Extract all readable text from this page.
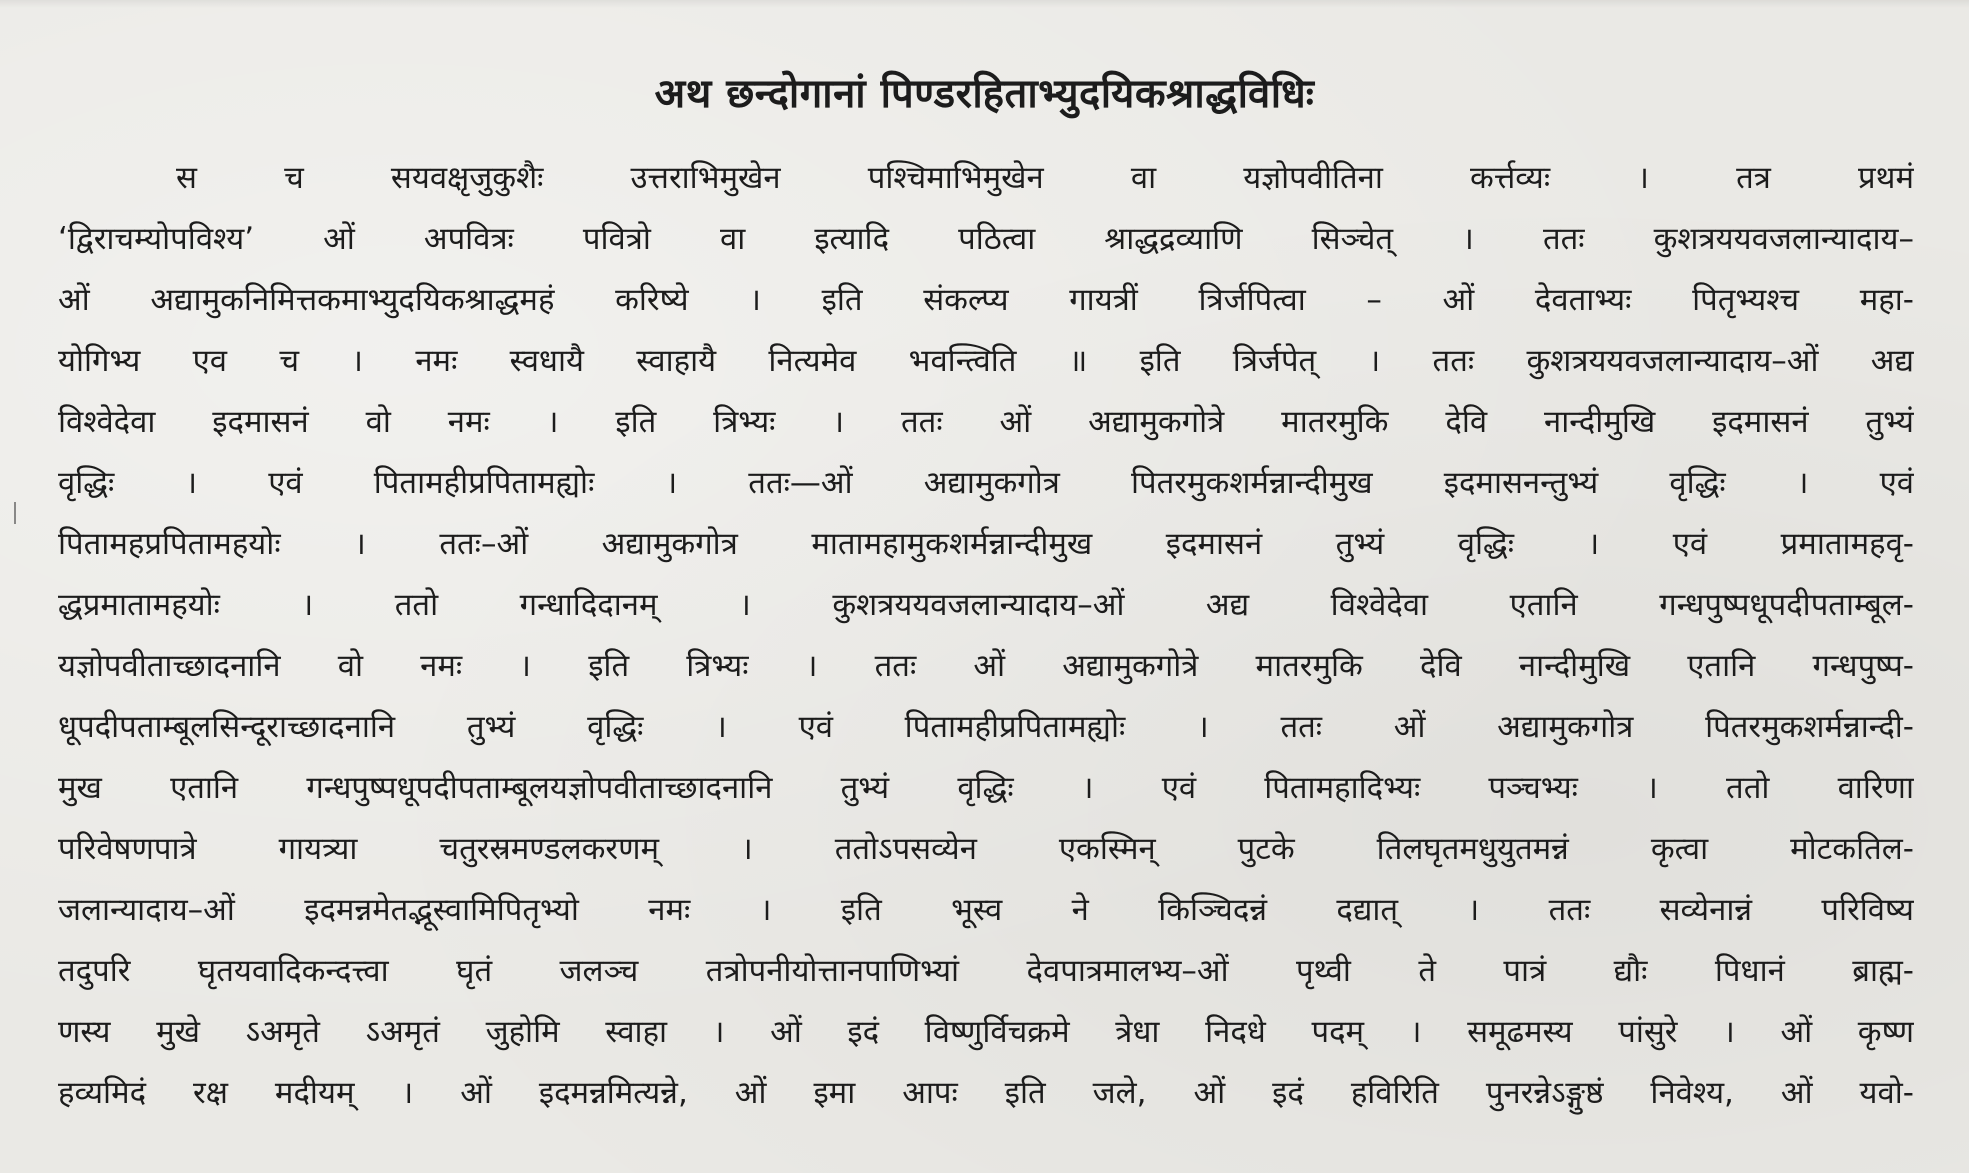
अथ छन्दोगानां पिण्डरहिताभ्युदयिकश्राद्धविधिः
स च सयवक्षृजुकुशैः उत्तराभिमुखेन पश्चिमाभिमुखेन वा यज्ञोपवीतिना कर्त्तव्यः । तत्र प्रथमं
‘द्विराचम्योपविश्य’ ओं अपवित्रः पवित्रो वा इत्यादि पठित्वा श्राद्धद्रव्याणि सिञ्चेत् । ततः कुशत्रययवजलान्यादाय–
ओं अद्यामुकनिमित्तकमाभ्युदयिकश्राद्धमहं करिष्ये । इति संकल्प्य गायत्रीं त्रिर्जपित्वा – ओं देवताभ्यः पितृभ्यश्च महा-
योगिभ्य एव च । नमः स्वधायै स्वाहायै नित्यमेव भवन्त्विति ॥ इति त्रिर्जपेत् । ततः कुशत्रययवजलान्यादाय–ओं अद्य
विश्वेदेवा इदमासनं वो नमः । इति त्रिभ्यः । ततः ओं अद्यामुकगोत्रे मातरमुकि देवि नान्दीमुखि इदमासनं तुभ्यं
वृद्धिः । एवं पितामहीप्रपितामह्योः । ततः—ओं अद्यामुकगोत्र पितरमुकशर्मन्नान्दीमुख इदमासनन्तुभ्यं वृद्धिः । एवं
पितामहप्रपितामहयोः । ततः–ओं अद्यामुकगोत्र मातामहामुकशर्मन्नान्दीमुख इदमासनं तुभ्यं वृद्धिः । एवं प्रमातामहवृ-
द्धप्रमातामहयोः । ततो गन्धादिदानम् । कुशत्रययवजलान्यादाय–ओं अद्य विश्वेदेवा एतानि गन्धपुष्पधूपदीपताम्बूल-
यज्ञोपवीताच्छादनानि वो नमः । इति त्रिभ्यः । ततः ओं अद्यामुकगोत्रे मातरमुकि देवि नान्दीमुखि एतानि गन्धपुष्प-
धूपदीपताम्बूलसिन्दूराच्छादनानि तुभ्यं वृद्धिः । एवं पितामहीप्रपितामह्योः । ततः ओं अद्यामुकगोत्र पितरमुकशर्मन्नान्दी-
मुख एतानि गन्धपुष्पधूपदीपताम्बूलयज्ञोपवीताच्छादनानि तुभ्यं वृद्धिः । एवं पितामहादिभ्यः पञ्चभ्यः । ततो वारिणा
परिवेषणपात्रे गायत्र्या चतुरस्रमण्डलकरणम् । ततोऽपसव्येन एकस्मिन् पुटके तिलघृतमधुयुतमन्नं कृत्वा मोटकतिल-
जलान्यादाय–ओं इदमन्नमेतद्भूस्वामिपितृभ्यो नमः । इति भूस्व ने किञ्चिदन्नं दद्यात् । ततः सव्येनान्नं परिविष्य
तदुपरि घृतयवादिकन्दत्त्वा घृतं जलञ्च तत्रोपनीयोत्तानपाणिभ्यां देवपात्रमालभ्य–ओं पृथ्वी ते पात्रं द्यौः पिधानं ब्राह्म-
णस्य मुखे ऽअमृते ऽअमृतं जुहोमि स्वाहा । ओं इदं विष्णुर्विचक्रमे त्रेधा निदधे पदम् । समूढमस्य पांसुरे । ओं कृष्ण
हव्यमिदं रक्ष मदीयम् । ओं इदमन्नमित्यन्ने, ओं इमा आपः इति जले, ओं इदं हविरिति पुनरन्नेऽङ्गुष्ठं निवेश्य, ओं यवो-
